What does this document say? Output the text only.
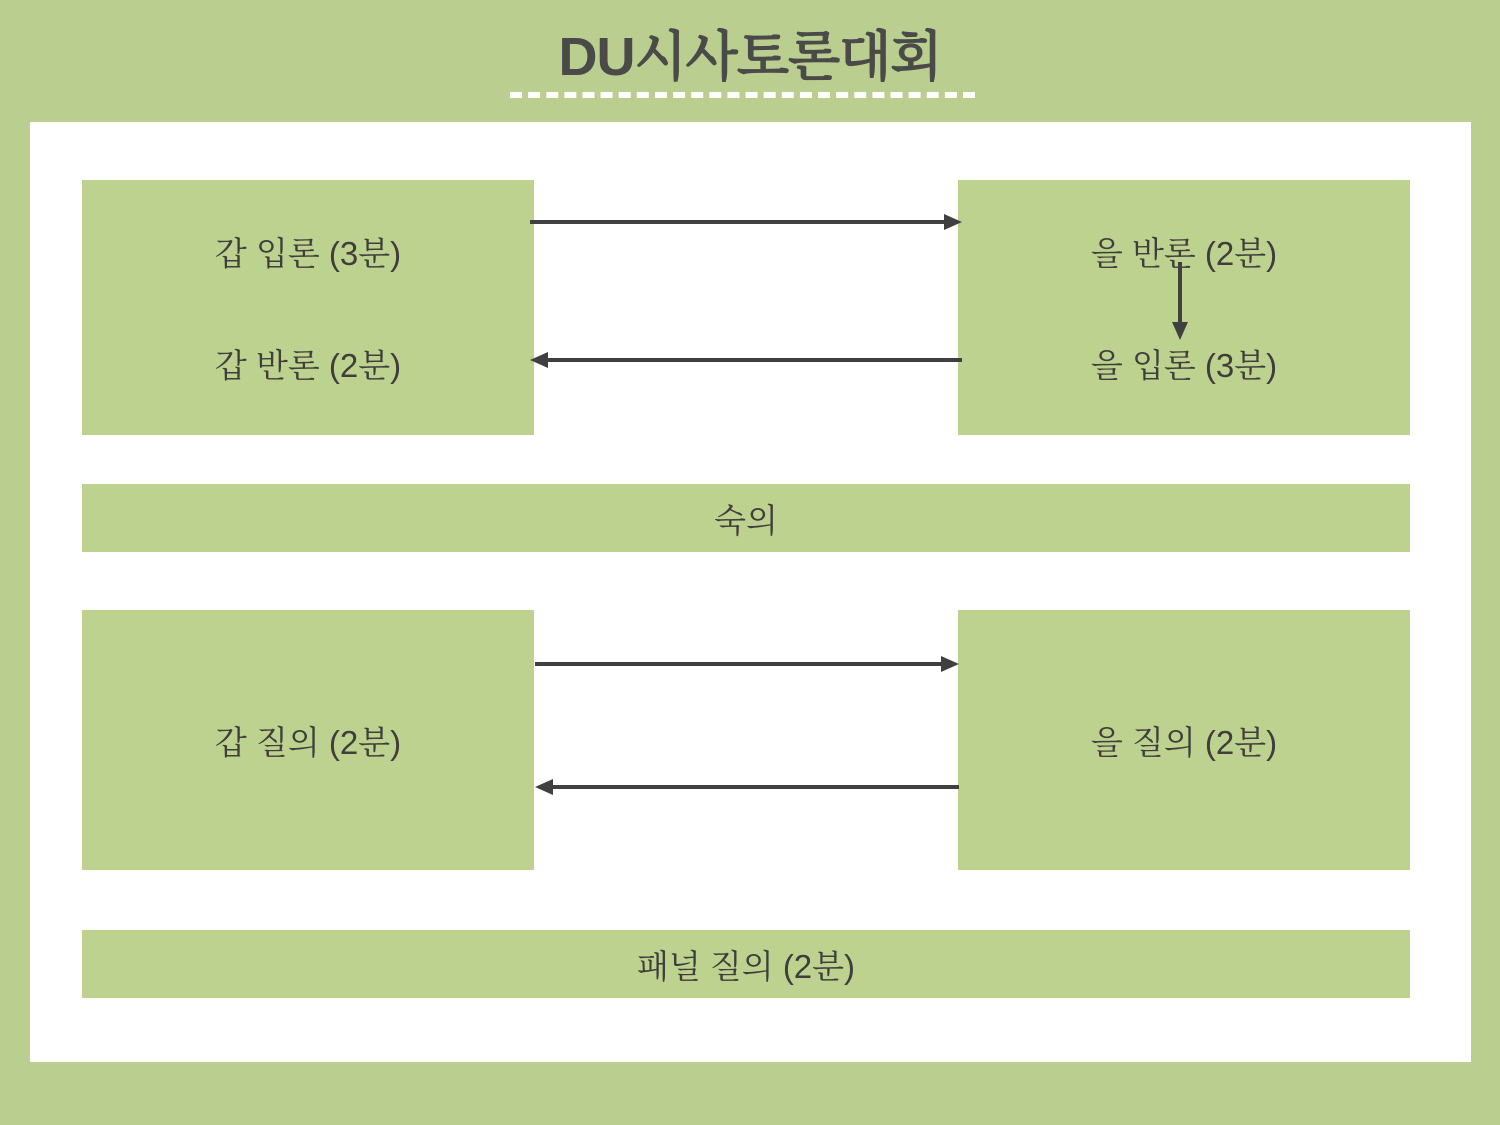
DU시사토론대회
갑 입론 (3분)
갑 반론 (2분)
을 반론 (2분)
을 입론 (3분)
숙의
갑 질의 (2분)	을 질의 (2분)
패널 질의 (2분)
